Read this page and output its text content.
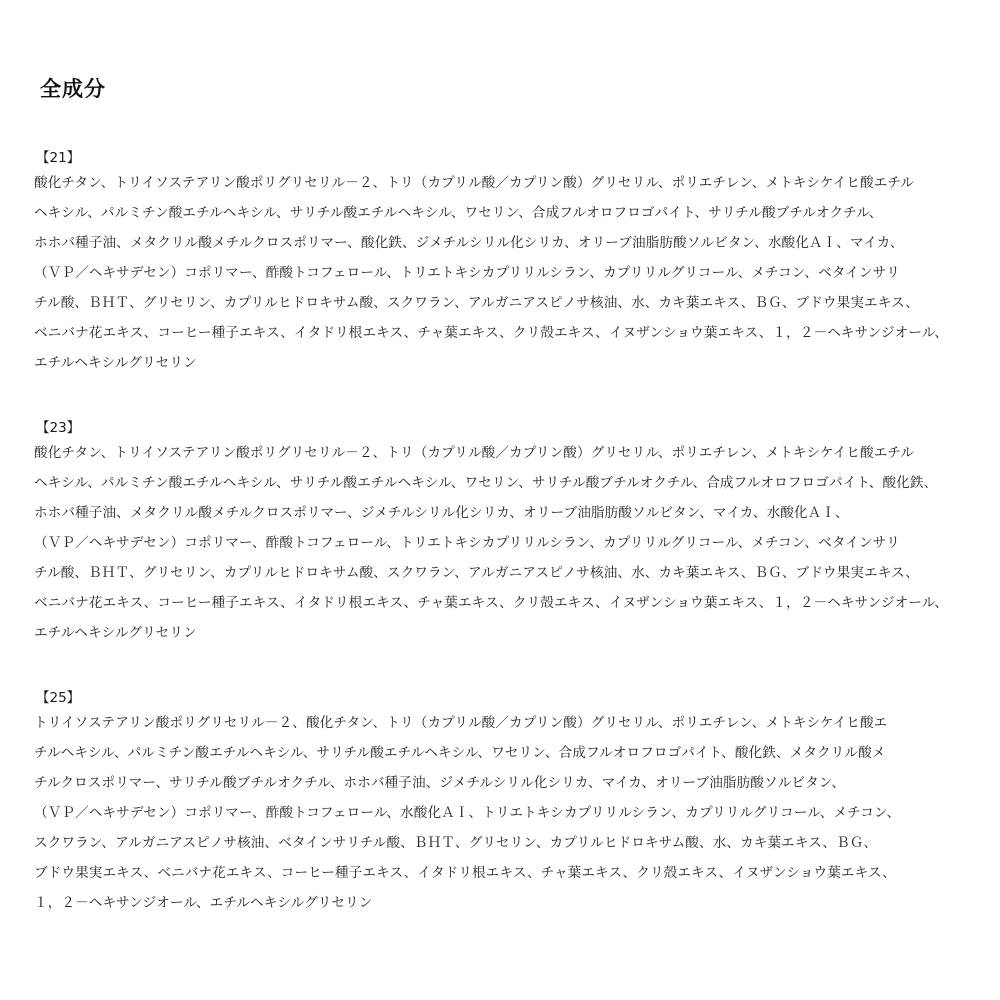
全成分
【21】
酸化チタン、トリイソステアリン酸ポリグリセリル－２、トリ（カプリル酸／カプリン酸）グリセリル、ポリエチレン、メトキシケイヒ酸エチル
ヘキシル、パルミチン酸エチルヘキシル、サリチル酸エチルヘキシル、ワセリン、合成フルオロフロゴパイト、サリチル酸ブチルオクチル、
ホホバ種子油、メタクリル酸メチルクロスポリマー、酸化鉄、ジメチルシリル化シリカ、オリーブ油脂肪酸ソルビタン、水酸化ＡＩ、マイカ、
（ＶＰ／ヘキサデセン）コポリマー、酢酸トコフェロール、トリエトキシカプリリルシラン、カプリリルグリコール、メチコン、ベタインサリ
チル酸、ＢＨＴ、グリセリン、カプリルヒドロキサム酸、スクワラン、アルガニアスピノサ核油、水、カキ葉エキス、ＢＧ、ブドウ果実エキス、
ベニバナ花エキス、コーヒー種子エキス、イタドリ根エキス、チャ葉エキス、クリ殻エキス、イヌザンショウ葉エキス、１，２－ヘキサンジオール、
エチルヘキシルグリセリン
【23】
酸化チタン、トリイソステアリン酸ポリグリセリル－２、トリ（カプリル酸／カプリン酸）グリセリル、ポリエチレン、メトキシケイヒ酸エチル
ヘキシル、パルミチン酸エチルヘキシル、サリチル酸エチルヘキシル、ワセリン、サリチル酸ブチルオクチル、合成フルオロフロゴパイト、酸化鉄、
ホホバ種子油、メタクリル酸メチルクロスポリマー、ジメチルシリル化シリカ、オリーブ油脂肪酸ソルビタン、マイカ、水酸化ＡＩ、
（ＶＰ／ヘキサデセン）コポリマー、酢酸トコフェロール、トリエトキシカプリリルシラン、カプリリルグリコール、メチコン、ベタインサリ
チル酸、ＢＨＴ、グリセリン、カプリルヒドロキサム酸、スクワラン、アルガニアスピノサ核油、水、カキ葉エキス、ＢＧ、ブドウ果実エキス、
ベニバナ花エキス、コーヒー種子エキス、イタドリ根エキス、チャ葉エキス、クリ殻エキス、イヌザンショウ葉エキス、１，２－ヘキサンジオール、
エチルヘキシルグリセリン
【25】
トリイソステアリン酸ポリグリセリル－２、酸化チタン、トリ（カプリル酸／カプリン酸）グリセリル、ポリエチレン、メトキシケイヒ酸エ
チルヘキシル、パルミチン酸エチルヘキシル、サリチル酸エチルヘキシル、ワセリン、合成フルオロフロゴパイト、酸化鉄、メタクリル酸メ
チルクロスポリマー、サリチル酸ブチルオクチル、ホホバ種子油、ジメチルシリル化シリカ、マイカ、オリーブ油脂肪酸ソルビタン、
（ＶＰ／ヘキサデセン）コポリマー、酢酸トコフェロール、水酸化ＡＩ、トリエトキシカプリリルシラン、カプリリルグリコール、メチコン、
スクワラン、アルガニアスピノサ核油、ベタインサリチル酸、ＢＨＴ、グリセリン、カプリルヒドロキサム酸、水、カキ葉エキス、ＢＧ、
ブドウ果実エキス、ベニバナ花エキス、コーヒー種子エキス、イタドリ根エキス、チャ葉エキス、クリ殻エキス、イヌザンショウ葉エキス、
１，２－ヘキサンジオール、エチルヘキシルグリセリン
